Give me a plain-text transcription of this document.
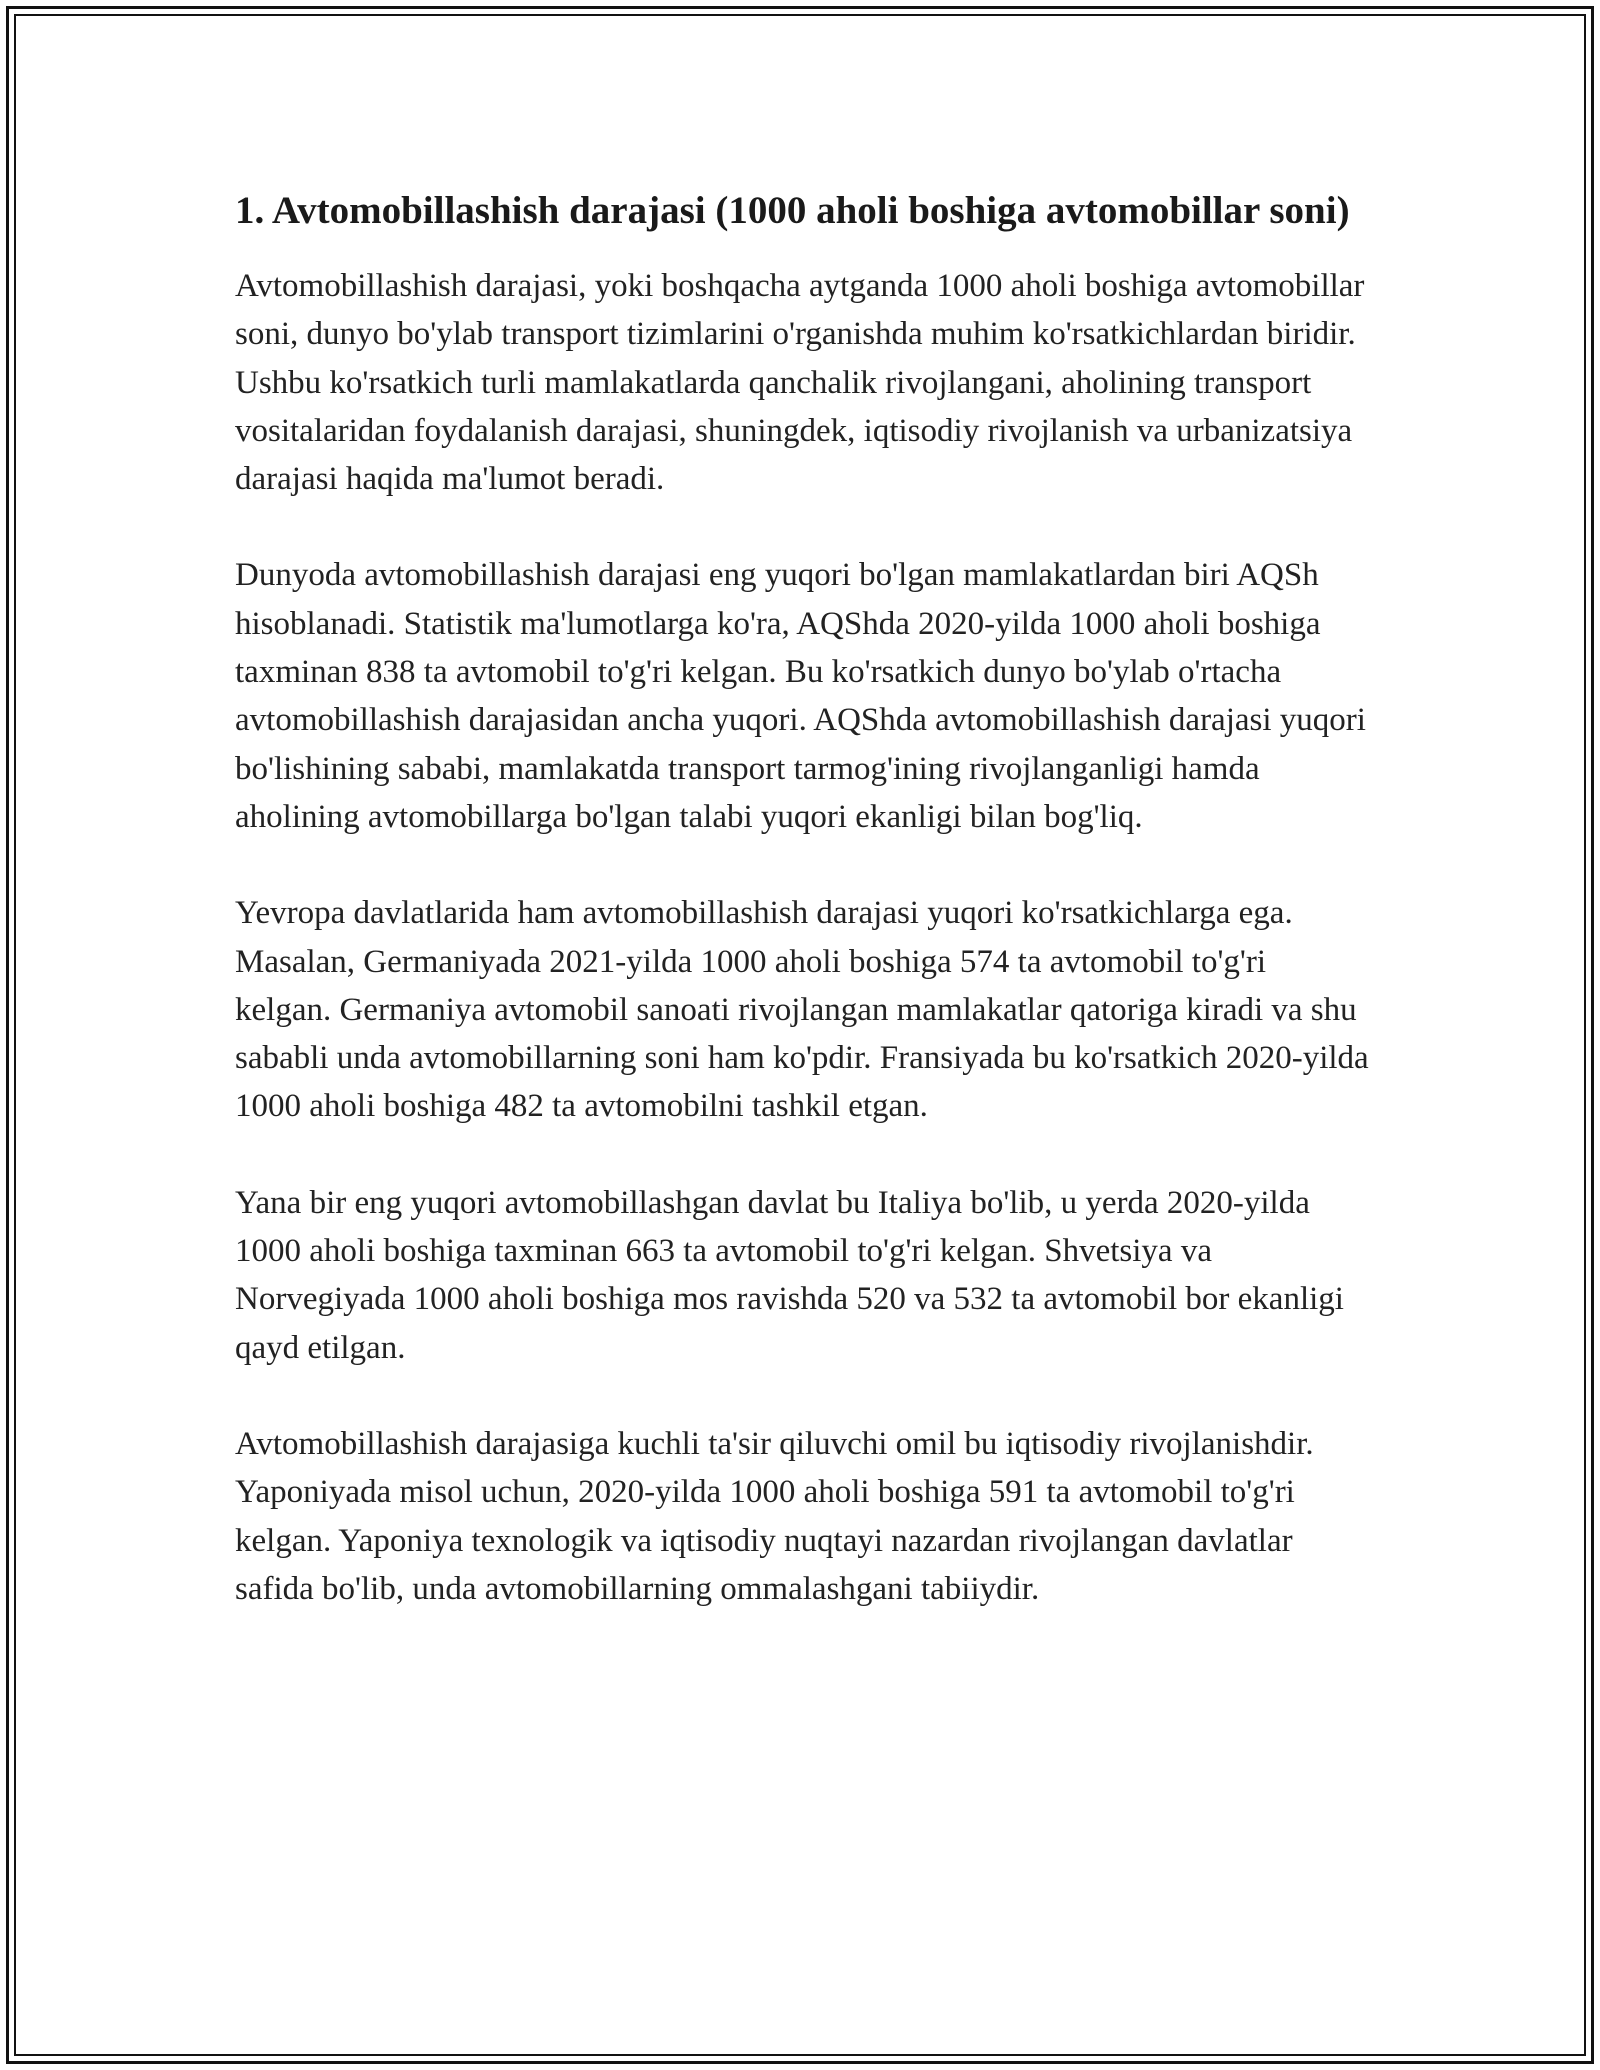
1. Avtomobillashish darajasi (1000 aholi boshiga avtomobillar soni)

Avtomobillashish darajasi, yoki boshqacha aytganda 1000 aholi boshiga avtomobillar soni, dunyo bo'ylab transport tizimlarini o'rganishda muhim ko'rsatkichlardan biridir. Ushbu ko'rsatkich turli mamlakatlarda qanchalik rivojlangani, aholining transport vositalaridan foydalanish darajasi, shuningdek, iqtisodiy rivojlanish va urbanizatsiya darajasi haqida ma'lumot beradi.

Dunyoda avtomobillashish darajasi eng yuqori bo'lgan mamlakatlardan biri AQSh hisoblanadi. Statistik ma'lumotlarga ko'ra, AQShda 2020-yilda 1000 aholi boshiga taxminan 838 ta avtomobil to'g'ri kelgan. Bu ko'rsatkich dunyo bo'ylab o'rtacha avtomobillashish darajasidan ancha yuqori. AQShda avtomobillashish darajasi yuqori bo'lishining sababi, mamlakatda transport tarmog'ining rivojlanganligi hamda aholining avtomobillarga bo'lgan talabi yuqori ekanligi bilan bog'liq.

Yevropa davlatlarida ham avtomobillashish darajasi yuqori ko'rsatkichlarga ega. Masalan, Germaniyada 2021-yilda 1000 aholi boshiga 574 ta avtomobil to'g'ri kelgan. Germaniya avtomobil sanoati rivojlangan mamlakatlar qatoriga kiradi va shu sababli unda avtomobillarning soni ham ko'pdir. Fransiyada bu ko'rsatkich 2020-yilda 1000 aholi boshiga 482 ta avtomobilni tashkil etgan.

Yana bir eng yuqori avtomobillashgan davlat bu Italiya bo'lib, u yerda 2020-yilda 1000 aholi boshiga taxminan 663 ta avtomobil to'g'ri kelgan. Shvetsiya va Norvegiyada 1000 aholi boshiga mos ravishda 520 va 532 ta avtomobil bor ekanligi qayd etilgan.

Avtomobillashish darajasiga kuchli ta'sir qiluvchi omil bu iqtisodiy rivojlanishdir. Yaponiyada misol uchun, 2020-yilda 1000 aholi boshiga 591 ta avtomobil to'g'ri kelgan. Yaponiya texnologik va iqtisodiy nuqtayi nazardan rivojlangan davlatlar safida bo'lib, unda avtomobillarning ommalashgani tabiiydir.
